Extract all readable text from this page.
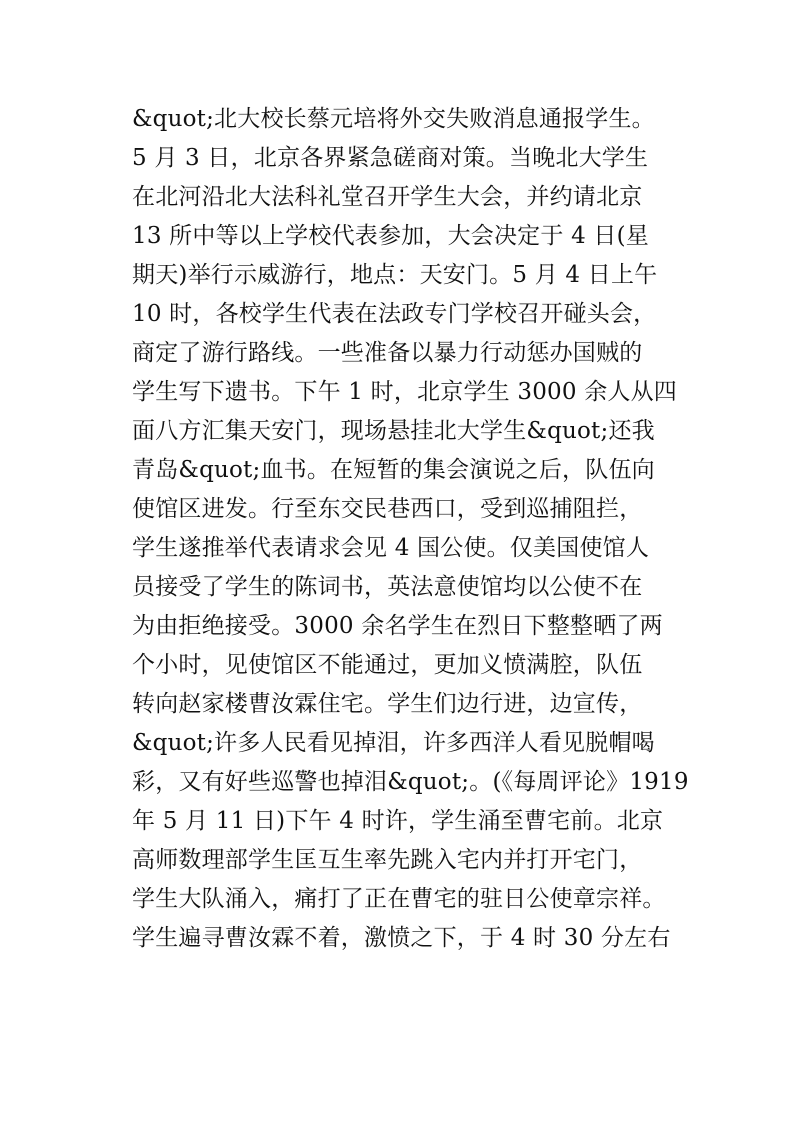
&quot;北大校长蔡元培将外交失败消息通报学生。
5 月 3 日，北京各界紧急磋商对策。当晚北大学生
在北河沿北大法科礼堂召开学生大会，并约请北京
13 所中等以上学校代表参加，大会决定于 4 日(星
期天)举行示威游行，地点：天安门。5 月 4 日上午
10 时，各校学生代表在法政专门学校召开碰头会，
商定了游行路线。一些准备以暴力行动惩办国贼的
学生写下遗书。下午 1 时，北京学生 3000 余人从四
面八方汇集天安门，现场悬挂北大学生&quot;还我
青岛&quot;血书。在短暂的集会演说之后，队伍向
使馆区进发。行至东交民巷西口，受到巡捕阻拦，
学生遂推举代表请求会见 4 国公使。仅美国使馆人
员接受了学生的陈词书，英法意使馆均以公使不在
为由拒绝接受。3000 余名学生在烈日下整整晒了两
个小时，见使馆区不能通过，更加义愤满腔，队伍
转向赵家楼曹汝霖住宅。学生们边行进，边宣传，
&quot;许多人民看见掉泪，许多西洋人看见脱帽喝
彩，又有好些巡警也掉泪&quot;。(《每周评论》1919
年 5 月 11 日)下午 4 时许，学生涌至曹宅前。北京
高师数理部学生匡互生率先跳入宅内并打开宅门，
学生大队涌入，痛打了正在曹宅的驻日公使章宗祥。
学生遍寻曹汝霖不着，激愤之下，于 4 时 30 分左右
